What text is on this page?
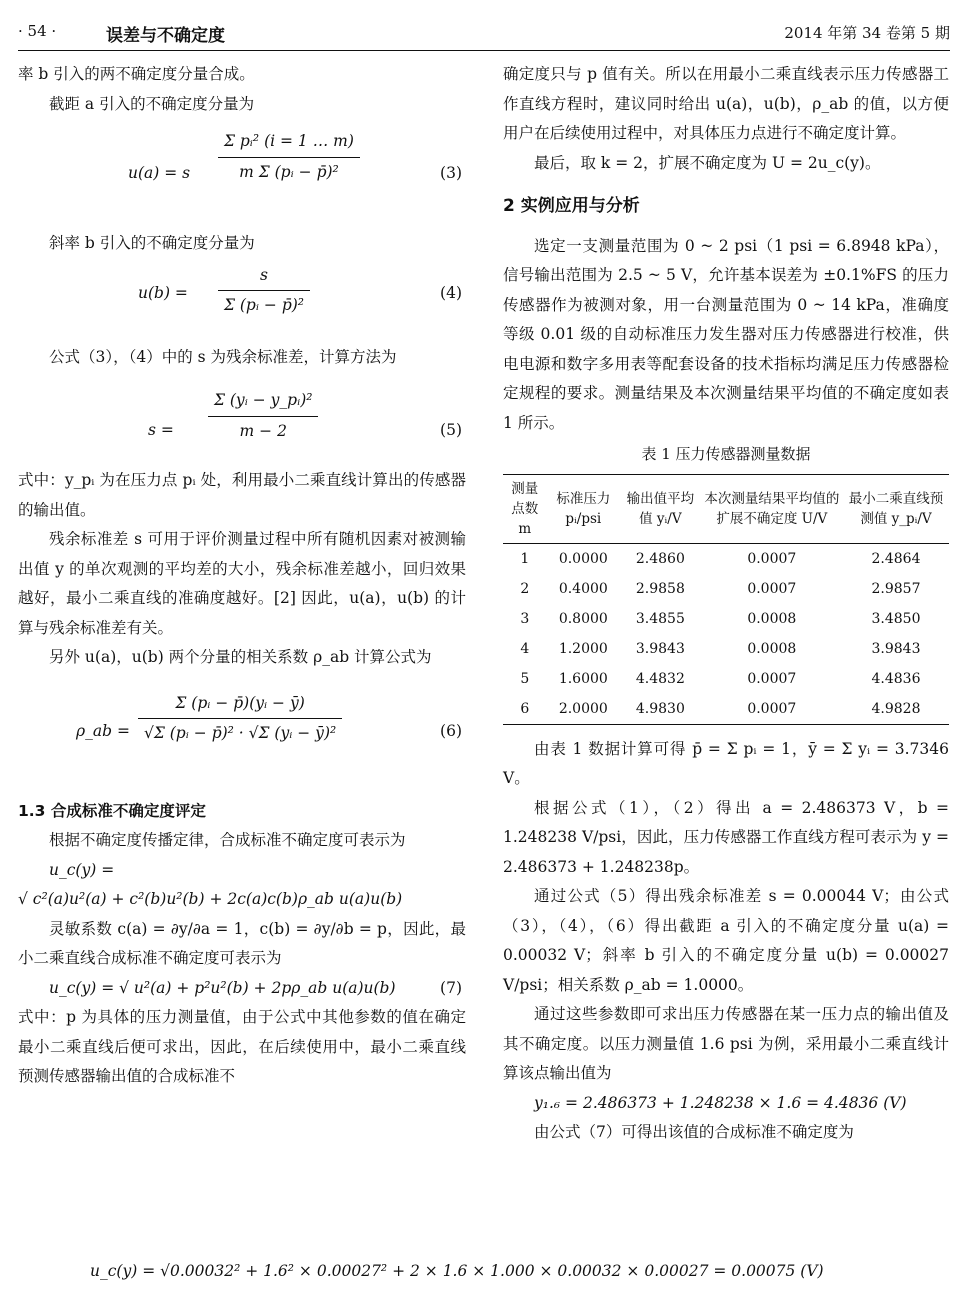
· 54 ·	误差与不确定度	2014 年第 34 卷第 5 期

率 b 引入的两不确定度分量合成。

截距 a 引入的不确定度分量为

u(a) = s $\frac{\text{Σ pᵢ² (i = 1 … m)}}{\text{m Σ (pᵢ − p̄)²}}$	(3)

斜率 b 引入的不确定度分量为

$u(b) = \frac{s}{\text{Σ (pᵢ − p̄)²}}$	(4)

公式（3），（4）中的 s 为残余标准差，计算方法为

$s = \frac{\text{Σ (yᵢ − y\_pᵢ)²}}{m - 2}$	(5)

式中：y_pᵢ 为在压力点 pᵢ 处，利用最小二乘直线计算出的传感器的输出值。

残余标准差 s 可用于评价测量过程中所有随机因素对被测输出值 y 的单次观测的平均差的大小，残余标准差越小，回归效果越好，最小二乘直线的准确度越好。[2] 因此，u(a)，u(b) 的计算与残余标准差有关。

另外 u(a)，u(b) 两个分量的相关系数 ρ_ab 计算公式为

ρ_ab = $\frac{\text{Σ (pᵢ − p̄)(yᵢ − ȳ)}}{\text{√Σ (pᵢ − p̄)² · √Σ (yᵢ − ȳ)²}}$	(6)
1.3 合成标准不确定度评定

根据不确定度传播定律，合成标准不确定度可表示为

u_c(y) =

√ c²(a)u²(a) + c²(b)u²(b) + 2c(a)c(b)ρ_ab u(a)u(b)

灵敏系数 c(a) = ∂y/∂a = 1，c(b) = ∂y/∂b = p，因此，最小二乘直线合成标准不确定度可表示为

u_c(y) = √ u²(a) + p²u²(b) + 2pρ_ab u(a)u(b)	(7)

式中：p 为具体的压力测量值，由于公式中其他参数的值在确定最小二乘直线后便可求出，因此，在后续使用中，最小二乘直线预测传感器输出值的合成标准不

确定度只与 p 值有关。所以在用最小二乘直线表示压力传感器工作直线方程时，建议同时给出 u(a)，u(b)，ρ_ab 的值，以方便用户在后续使用过程中，对具体压力点进行不确定度计算。

最后，取 k = 2，扩展不确定度为 U = 2u_c(y)。

2 实例应用与分析

选定一支测量范围为 0 ~ 2 psi（1 psi = 6.8948 kPa），信号输出范围为 2.5 ~ 5 V，允许基本误差为 ±0.1%FS 的压力传感器作为被测对象，用一台测量范围为 0 ~ 14 kPa，准确度等级 0.01 级的自动标准压力发生器对压力传感器进行校准，供电电源和数字多用表等配套设备的技术指标均满足压力传感器检定规程的要求。测量结果及本次测量结果平均值的不确定度如表 1 所示。

表 1 压力传感器测量数据
测量点数 m	标准压力 pᵢ/psi	输出值平均值 yᵢ/V	本次测量结果平均值的扩展不确定度 U/V	最小二乘直线预测值 y_pᵢ/V
1	0.0000	2.4860	0.0007	2.4864
2	0.4000	2.9858	0.0007	2.9857
3	0.8000	3.4855	0.0008	3.4850
4	1.2000	3.9843	0.0008	3.9843
5	1.6000	4.4832	0.0007	4.4836
6	2.0000	4.9830	0.0007	4.9828

由表 1 数据计算可得 p̄ = Σ pᵢ = 1，ȳ = Σ yᵢ = 3.7346 V。

根据公式（1），（2）得出 a = 2.486373 V，b = 1.248238 V/psi，因此，压力传感器工作直线方程可表示为 y = 2.486373 + 1.248238p。

通过公式（5）得出残余标准差 s = 0.00044 V；由公式（3），（4），（6）得出截距 a 引入的不确定度分量 u(a) = 0.00032 V；斜率 b 引入的不确定度分量 u(b) = 0.00027 V/psi；相关系数 ρ_ab = 1.0000。

通过这些参数即可求出压力传感器在某一压力点的输出值及其不确定度。以压力测量值 1.6 psi 为例，采用最小二乘直线计算该点输出值为

y₁.₆ = 2.486373 + 1.248238 × 1.6 = 4.4836 (V)

由公式（7）可得出该值的合成标准不确定度为

u_c(y) = √0.00032² + 1.6² × 0.00027² + 2 × 1.6 × 1.000 × 0.00032 × 0.00027 = 0.00075 (V)
